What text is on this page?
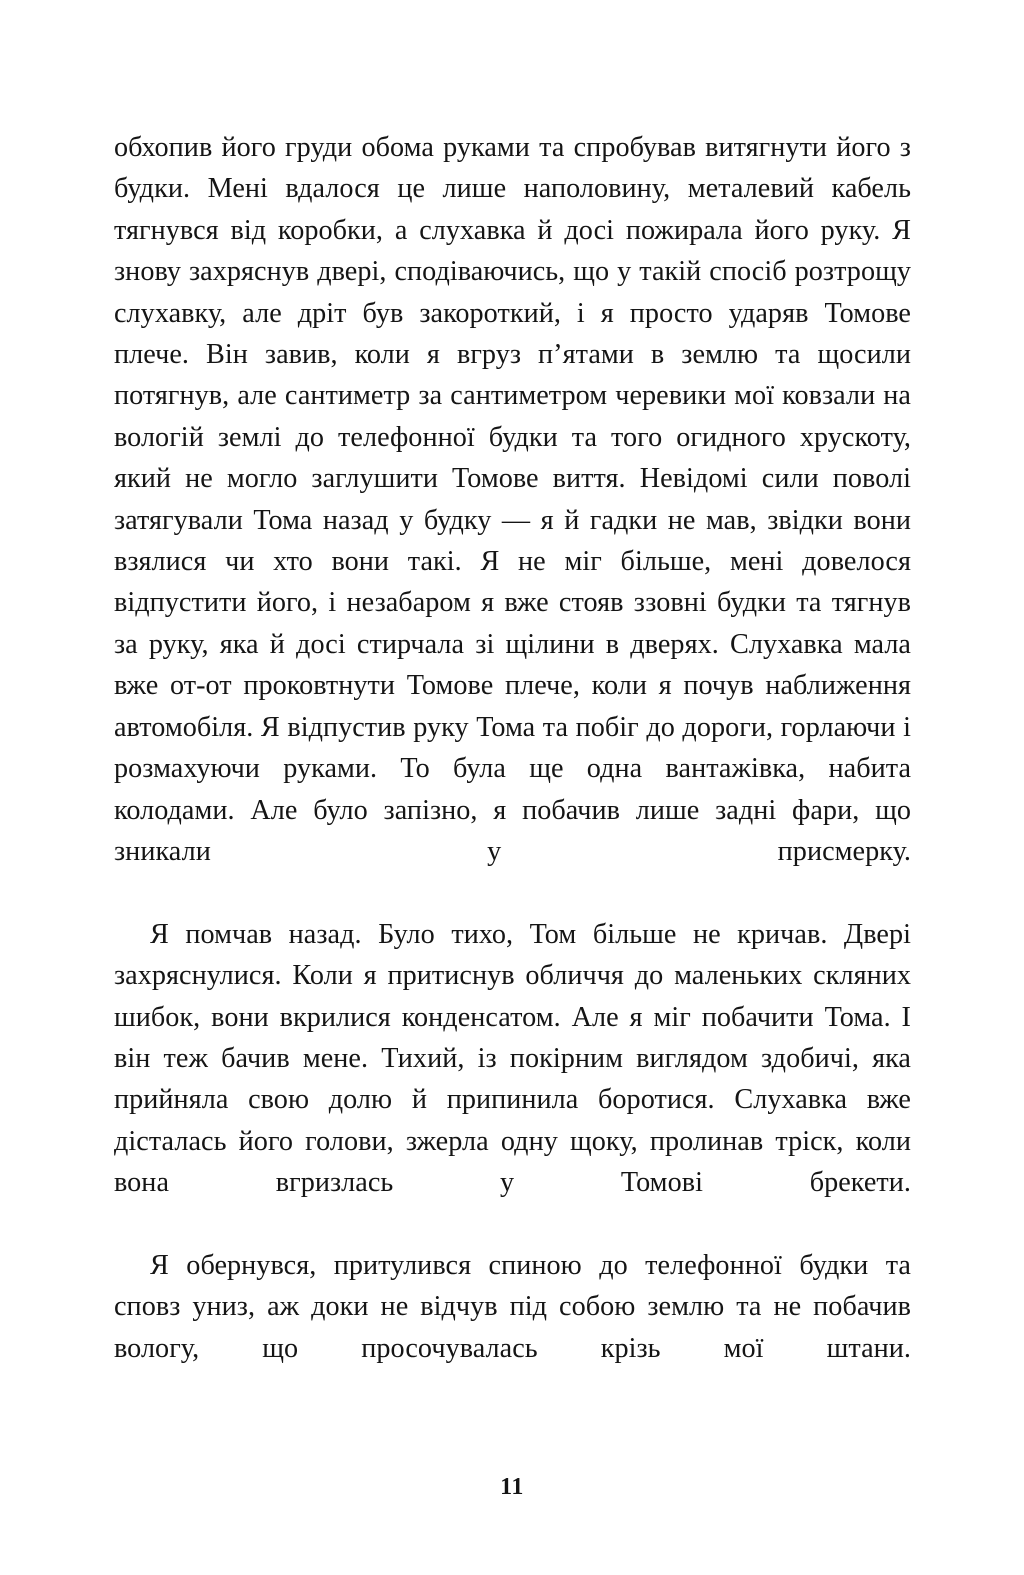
обхопив його груди обома руками та спробував витягнути його з будки. Мені вдалося це лише наполовину, металевий кабель тягнувся від коробки, а слухавка й досі пожирала його руку. Я знову захряснув двері, сподіваючись, що у такій спосіб розтрощу слухавку, але дріт був закороткий, і я просто ударяв Томове плече. Він завив, коли я вгруз п’ятами в землю та щосили потягнув, але сантиметр за сантиметром черевики мої ковзали на вологій землі до телефонної будки та того огидного хрускоту, який не могло заглушити Томове виття. Невідомі сили поволі затягували Тома назад у будку — я й гадки не мав, звідки вони взялися чи хто вони такі. Я не міг більше, мені довелося відпустити його, і незабаром я вже стояв ззовні будки та тягнув за руку, яка й досі стирчала зі щілини в дверях. Слухавка мала вже от-от проковтнути Томове плече, коли я почув наближення автомобіля. Я відпустив руку Тома та побіг до дороги, горлаючи і розмахуючи руками. То була ще одна вантажівка, набита колодами. Але було запізно, я побачив лише задні фари, що зникали у присмерку.

Я помчав назад. Було тихо, Том більше не кричав. Двері захряснулися. Коли я притиснув обличчя до маленьких скляних шибок, вони вкрилися конденсатом. Але я міг побачити Тома. І він теж бачив мене. Тихий, із покірним виглядом здобичі, яка прийняла свою долю й припинила боротися. Слухавка вже дісталась його голови, зжерла одну щоку, пролинав тріск, коли вона вгризлась у Томові брекети.

Я обернувся, притулився спиною до телефонної будки та сповз униз, аж доки не відчув під собою землю та не побачив вологу, що просочувалась крізь мої штани.

11
